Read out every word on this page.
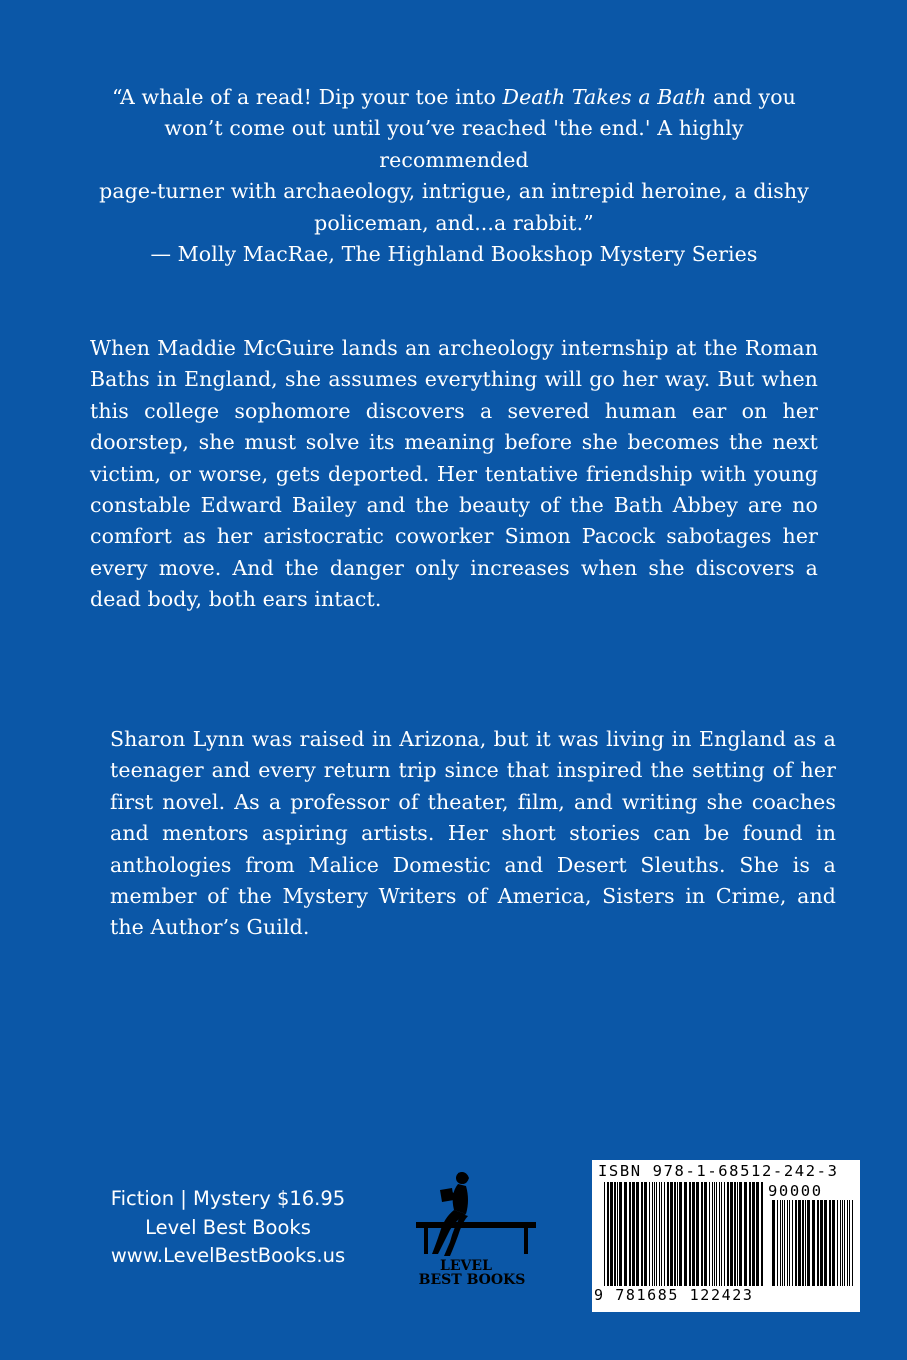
“A whale of a read! Dip your toe into Death Takes a Bath and you
won’t come out until you’ve reached 'the end.' A highly recommended
page-turner with archaeology, intrigue, an intrepid heroine, a dishy
policeman, and...a rabbit.”
— Molly MacRae, The Highland Bookshop Mystery Series
When Maddie McGuire lands an archeology internship at the Roman Baths in England, she assumes everything will go her way. But when this college sophomore discovers a severed human ear on her doorstep, she must solve its meaning before she becomes the next victim, or worse, gets deported. Her tentative friendship with young constable Edward Bailey and the beauty of the Bath Abbey are no comfort as her aristocratic coworker Simon Pacock sabotages her every move. And the danger only increases when she discovers a dead body, both ears intact.
Sharon Lynn was raised in Arizona, but it was living in England as a teenager and every return trip since that inspired the setting of her first novel. As a professor of theater, film, and writing she coaches and mentors aspiring artists. Her short stories can be found in anthologies from Malice Domestic and Desert Sleuths. She is a member of the Mystery Writers of America, Sisters in Crime, and the Author’s Guild.
Fiction | Mystery $16.95
Level Best Books
www.LevelBestBooks.us	LEVEL
BEST BOOKS
ISBN 978-1-68512-242-3
90000
9 781685 122423
